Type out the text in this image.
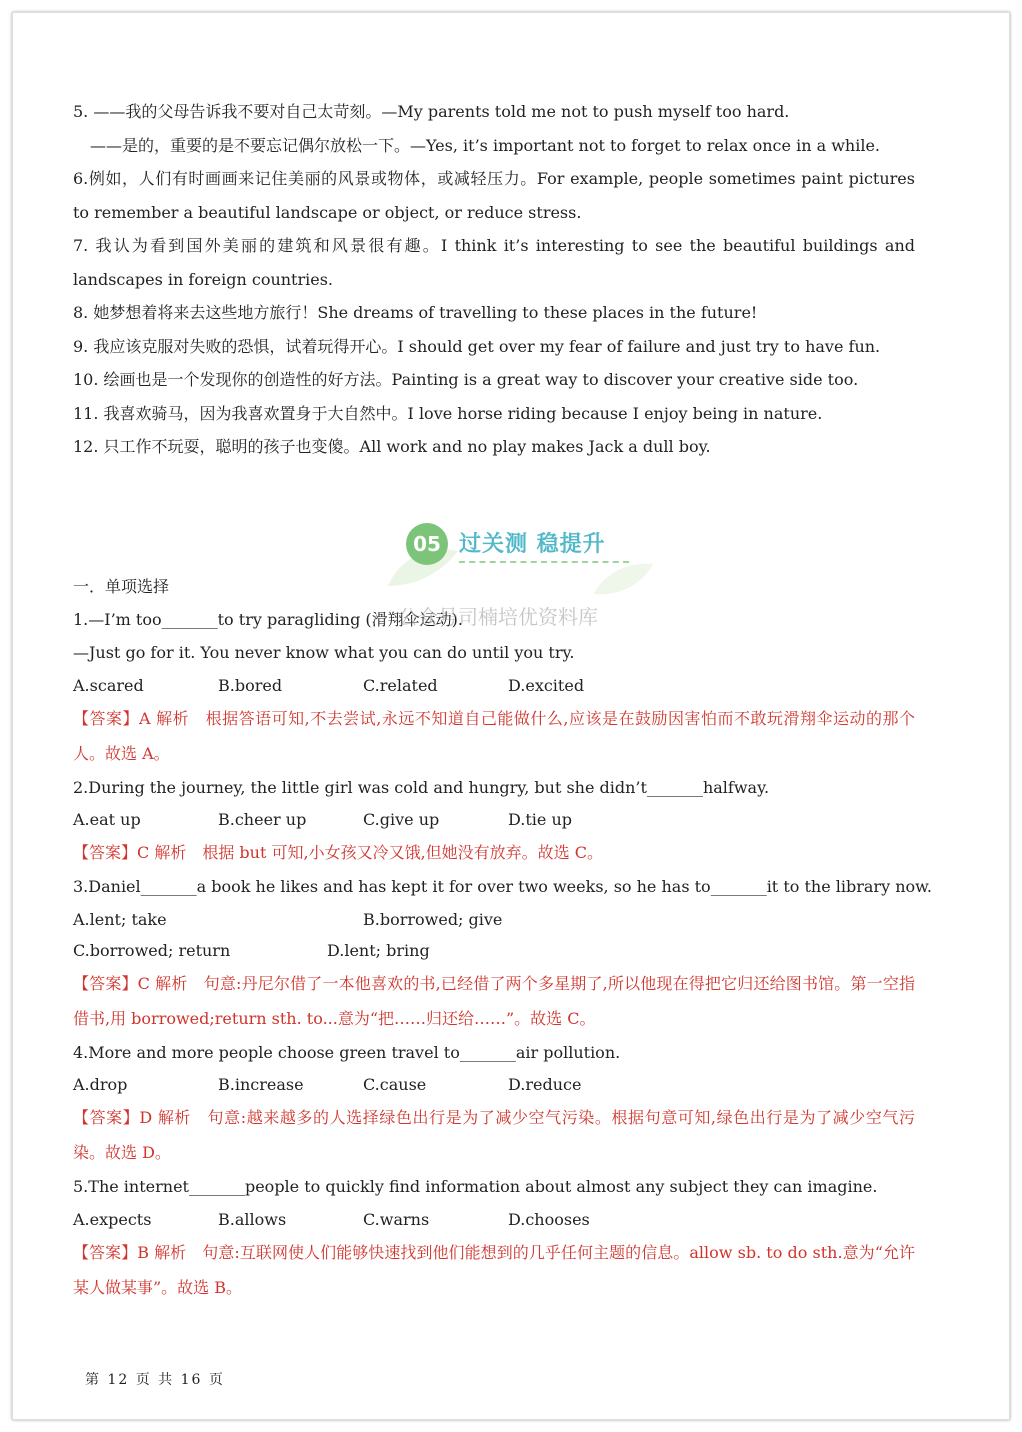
5. ——我的父母告诉我不要对自己太苛刻。—My parents told me not to push myself too hard.
——是的，重要的是不要忘记偶尔放松一下。—Yes, it’s important not to forget to relax once in a while.
6.例如，人们有时画画来记住美丽的风景或物体，或减轻压力。For example, people sometimes paint pictures to remember a beautiful landscape or object, or reduce stress.
7. 我认为看到国外美丽的建筑和风景很有趣。I think it’s interesting to see the beautiful buildings and landscapes in foreign countries.
8. 她梦想着将来去这些地方旅行！She dreams of travelling to these places in the future!
9. 我应该克服对失败的恐惧，试着玩得开心。I should get over my fear of failure and just try to have fun.
10. 绘画也是一个发现你的创造性的好方法。Painting is a great way to discover your creative side too.
11. 我喜欢骑马，因为我喜欢置身于大自然中。I love horse riding because I enjoy being in nature.
12. 只工作不玩耍，聪明的孩子也变傻。All work and no play makes Jack a dull boy.
一．单项选择
1.—I’m too_______to try paragliding (滑翔伞运动).
—Just go for it. You never know what you can do until you try.
A.scared	B.bored	C.related	D.excited
【答案】A 解析　根据答语可知,不去尝试,永远不知道自己能做什么,应该是在鼓励因害怕而不敢玩滑翔伞运动的那个人。故选 A。
2.During the journey, the little girl was cold and hungry, but she didn’t_______halfway.
A.eat up	B.cheer up	C.give up	D.tie up
【答案】C 解析　根据 but 可知,小女孩又冷又饿,但她没有放弃。故选 C。
3.Daniel_______a book he likes and has kept it for over two weeks, so he has to_______it to the library now.
A.lent; take	B.borrowed; give
C.borrowed; return	D.lent; bring
【答案】C 解析　句意:丹尼尔借了一本他喜欢的书,已经借了两个多星期了,所以他现在得把它归还给图书馆。第一空指借书,用 borrowed;return sth. to...意为“把……归还给……”。故选 C。
4.More and more people choose green travel to_______air pollution.
A.drop	B.increase	C.cause	D.reduce
【答案】D 解析　句意:越来越多的人选择绿色出行是为了减少空气污染。根据句意可知,绿色出行是为了减少空气污染。故选 D。
5.The internet_______people to quickly find information about almost any subject they can imagine.
A.expects	B.allows	C.warns	D.chooses
【答案】B 解析　句意:互联网使人们能够快速找到他们能想到的几乎任何主题的信息。allow sb. to do sth.意为“允许某人做某事”。故选 B。
05 过关测 稳提升
公众号司楠培优资料库
第 12 页 共 16 页
